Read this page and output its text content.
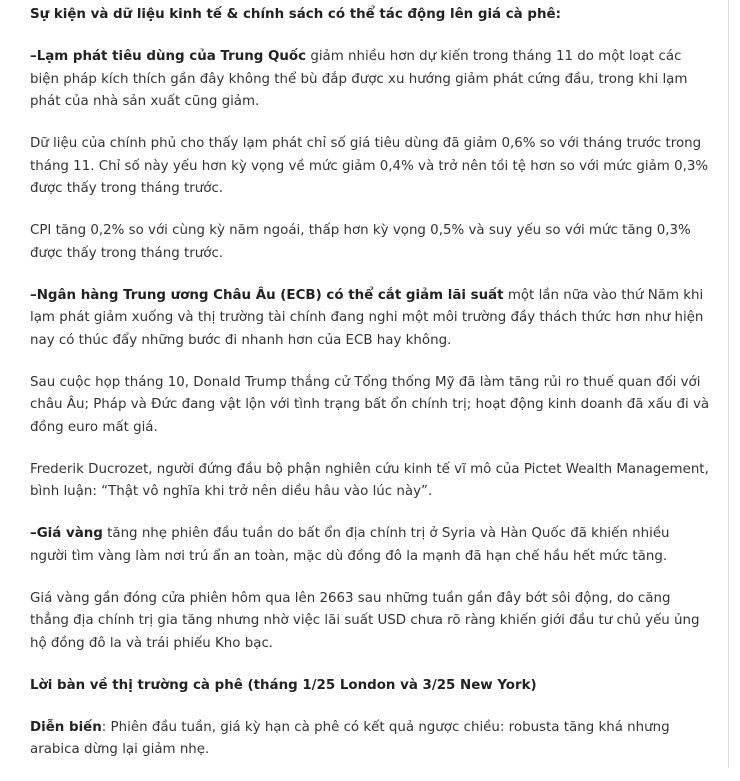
Sự kiện và dữ liệu kinh tế & chính sách có thể tác động lên giá cà phê:

–Lạm phát tiêu dùng của Trung Quốc giảm nhiều hơn dự kiến trong tháng 11 do một loạt các biện pháp kích thích gần đây không thể bù đắp được xu hướng giảm phát cứng đầu, trong khi lạm phát của nhà sản xuất cũng giảm.

Dữ liệu của chính phủ cho thấy lạm phát chỉ số giá tiêu dùng đã giảm 0,6% so với tháng trước trong tháng 11. Chỉ số này yếu hơn kỳ vọng về mức giảm 0,4% và trở nên tồi tệ hơn so với mức giảm 0,3% được thấy trong tháng trước.

CPI tăng 0,2% so với cùng kỳ năm ngoái, thấp hơn kỳ vọng 0,5% và suy yếu so với mức tăng 0,3% được thấy trong tháng trước.

–Ngân hàng Trung ương Châu Âu (ECB) có thể cắt giảm lãi suất một lần nữa vào thứ Năm khi lạm phát giảm xuống và thị trường tài chính đang nghi một môi trường đầy thách thức hơn như hiện nay có thúc đẩy những bước đi nhanh hơn của ECB hay không.

Sau cuộc họp tháng 10, Donald Trump thắng cử Tổng thống Mỹ đã làm tăng rủi ro thuế quan đối với châu Âu; Pháp và Đức đang vật lộn với tình trạng bất ổn chính trị; hoạt động kinh doanh đã xấu đi và đồng euro mất giá.

Frederik Ducrozet, người đứng đầu bộ phận nghiên cứu kinh tế vĩ mô của Pictet Wealth Management, bình luận: “Thật vô nghĩa khi trở nên diều hâu vào lúc này”.

–Giá vàng tăng nhẹ phiên đầu tuần do bất ổn địa chính trị ở Syria và Hàn Quốc đã khiến nhiều người tìm vàng làm nơi trú ẩn an toàn, mặc dù đồng đô la mạnh đã hạn chế hầu hết mức tăng.

Giá vàng gần đóng cửa phiên hôm qua lên 2663 sau những tuần gần đây bớt sôi động, do căng thẳng địa chính trị gia tăng nhưng nhờ việc lãi suất USD chưa rõ ràng khiến giới đầu tư chủ yếu ủng hộ đồng đô la và trái phiếu Kho bạc.

Lời bàn về thị trường cà phê (tháng 1/25 London và 3/25 New York)

Diễn biến: Phiên đầu tuần, giá kỳ hạn cà phê có kết quả ngược chiều: robusta tăng khá nhưng arabica dừng lại giảm nhẹ.
